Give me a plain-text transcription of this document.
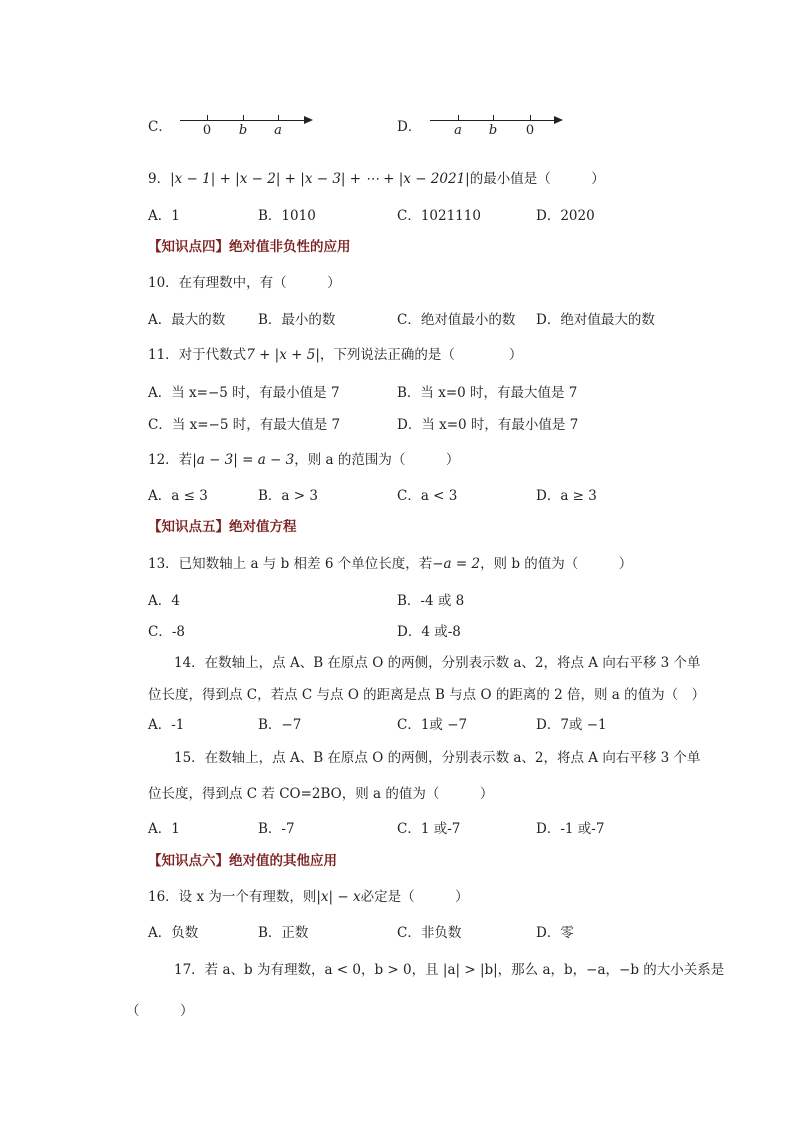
C． 0 b a	D．	a b 0
9．|x − 1| + |x − 2| + |x − 3| + ⋯ + |x − 2021|的最小值是（　　　）
A．1	B．1010	C．1021110	D．2020
【知识点四】绝对值非负性的应用
10．在有理数中，有（　　　）
A．最大的数 B．最小的数	C．绝对值最小的数 D．绝对值最大的数
11．对于代数式7 + |x + 5|，下列说法正确的是（　　　　）
A．当 x=−5 时，有最小值是 7	B．当 x=0 时，有最大值是 7
C．当 x=−5 时，有最大值是 7	D．当 x=0 时，有最小值是 7
12．若|a − 3| = a − 3，则 a 的范围为（　　　）
A．a ≤ 3	B．a > 3	C．a < 3	D．a ≥ 3
【知识点五】绝对值方程
13．已知数轴上 a 与 b 相差 6 个单位长度，若−a = 2，则 b 的值为（　　　）
A．4	B．-4 或 8
C．-8	D．4 或-8
14．在数轴上，点 A、B 在原点 O 的两侧，分别表示数 a、2，将点 A 向右平移 3 个单
位长度，得到点 C，若点 C 与点 O 的距离是点 B 与点 O 的距离的 2 倍，则 a 的值为（　）
A．-1	B．−7	C．1或 −7	D．7或 −1
15．在数轴上，点 A、B 在原点 O 的两侧，分别表示数 a、2，将点 A 向右平移 3 个单
位长度，得到点 C 若 CO=2BO，则 a 的值为（　　　）
A．1	B．-7	C．1 或-7	D．-1 或-7
【知识点六】绝对值的其他应用
16．设 x 为一个有理数，则|x| − x必定是（　　　）
A．负数	B．正数	C．非负数	D．零
17．若 a、b 为有理数，a < 0，b > 0，且 |a| > |b|，那么 a，b，−a，−b 的大小关系是
（　　　）
